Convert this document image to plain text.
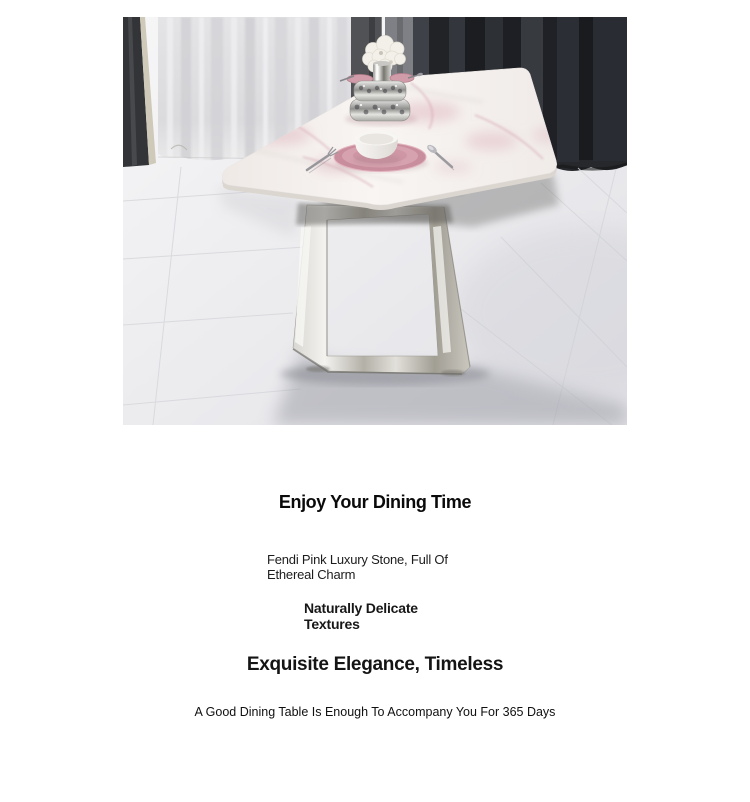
Enjoy Your Dining Time

Fendi Pink Luxury Stone, Full Of
Ethereal Charm

Naturally Delicate
Textures

Exquisite Elegance, Timeless

A Good Dining Table Is Enough To Accompany You For 365 Days
